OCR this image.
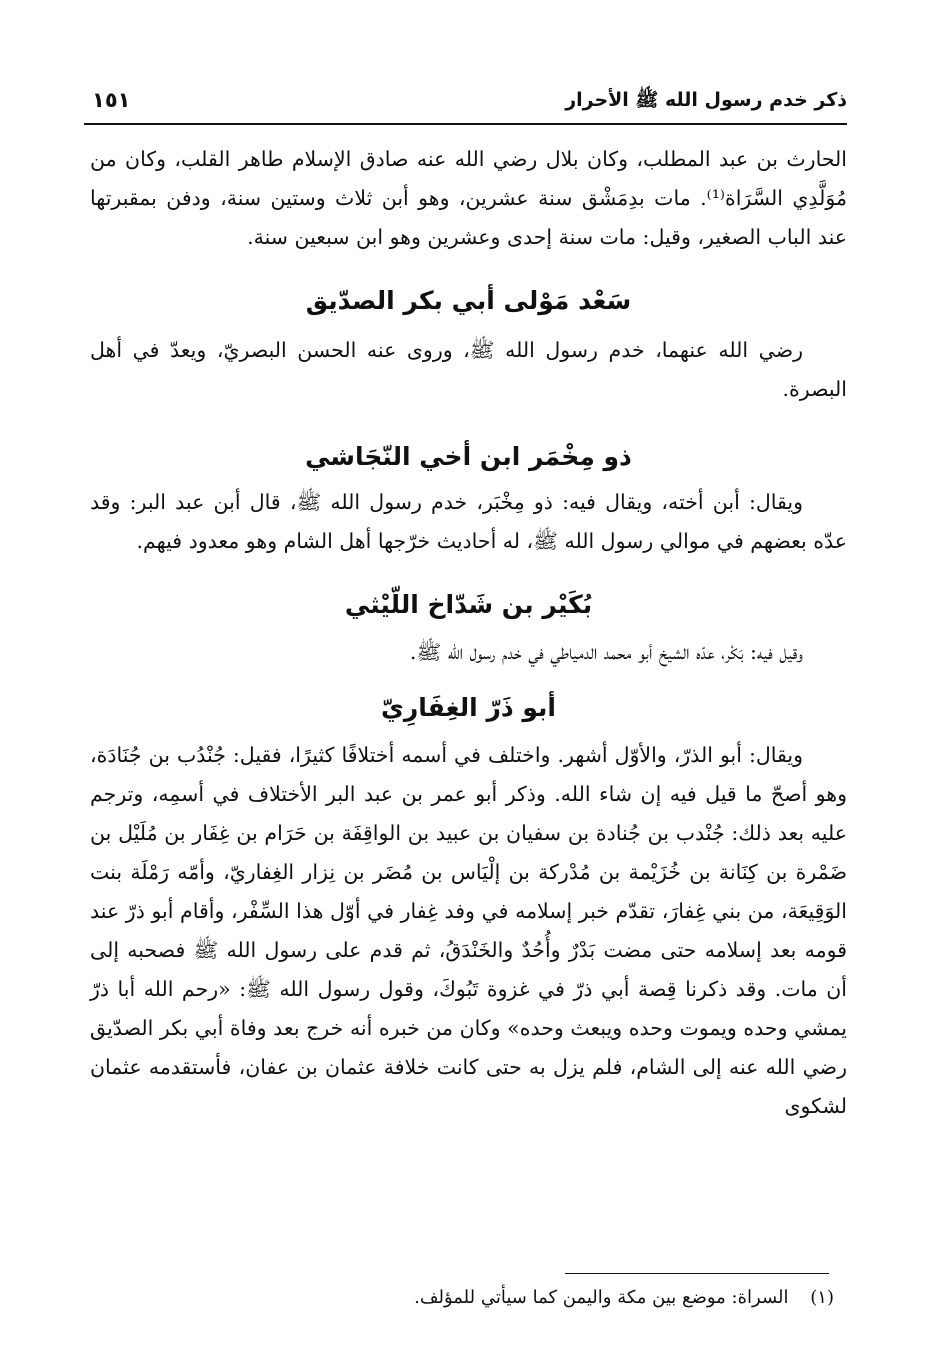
ذكر خدم رسول الله ﷺ الأحرار
١٥١

الحارث بن عبد المطلب، وكان بلال رضي الله عنه صادق الإسلام طاهر القلب، وكان من مُوَلَّدِي السَّرَاة⁽¹⁾. مات بدِمَشْق سنة عشرين، وهو أبن ثلاث وستين سنة، ودفن بمقبرتها عند الباب الصغير، وقيل: مات سنة إحدى وعشرين وهو ابن سبعين سنة.

سَعْد مَوْلى أبي بكر الصدّيق

رضي الله عنهما، خدم رسول الله ﷺ، وروى عنه الحسن البصريّ، ويعدّ في أهل البصرة.

ذو مِخْمَر ابن أخي النّجَاشي

ويقال: أبن أخته، ويقال فيه: ذو مِخْبَر، خدم رسول الله ﷺ، قال أبن عبد البر: وقد عدّه بعضهم في موالي رسول الله ﷺ، له أحاديث خرّجها أهل الشام وهو معدود فيهم.

بُكَيْر بن شَدّاخ اللّيْثي

وقيل فيه: بَكْر، عدّه الشيخ أبو محمد الدمياطي في خدم رسول الله ﷺ.

أبو ذَرّ الغِفَارِيّ

ويقال: أبو الذرّ، والأوّل أشهر. واختلف في أسمه أختلافًا كثيرًا، فقيل: جُنْدُب بن جُنَادَة، وهو أصحّ ما قيل فيه إن شاء الله. وذكر أبو عمر بن عبد البر الأختلاف في أسمِه، وترجم عليه بعد ذلك: جُنْدب بن جُنادة بن سفيان بن عبيد بن الواقِفَة بن حَرَام بن غِفَار بن مُلَيْل بن ضَمْرة بن كِنَانة بن خُزَيْمة بن مُدْركة بن إلْيَاس بن مُضَر بن نِزار الغِفاريّ، وأمّه رَمْلَة بنت الوَقِيعَة، من بني غِفارَ، تقدّم خبر إسلامه في وفد غِفار في أوّل هذا السِّفْر، وأقام أبو ذرّ عند قومه بعد إسلامه حتى مضت بَدْرٌ وأُحُدٌ والخَنْدَقُ، ثم قدم على رسول الله ﷺ فصحبه إلى أن مات. وقد ذكرنا قِصة أبي ذرّ في غزوة تَبُوكَ، وقول رسول الله ﷺ: «رحم الله أبا ذرّ يمشي وحده ويموت وحده ويبعث وحده» وكان من خبره أنه خرج بعد وفاة أبي بكر الصدّيق رضي الله عنه إلى الشام، فلم يزل به حتى كانت خلافة عثمان بن عفان، فأستقدمه عثمان لشكوى

(١) السراة: موضع بين مكة واليمن كما سيأتي للمؤلف.
